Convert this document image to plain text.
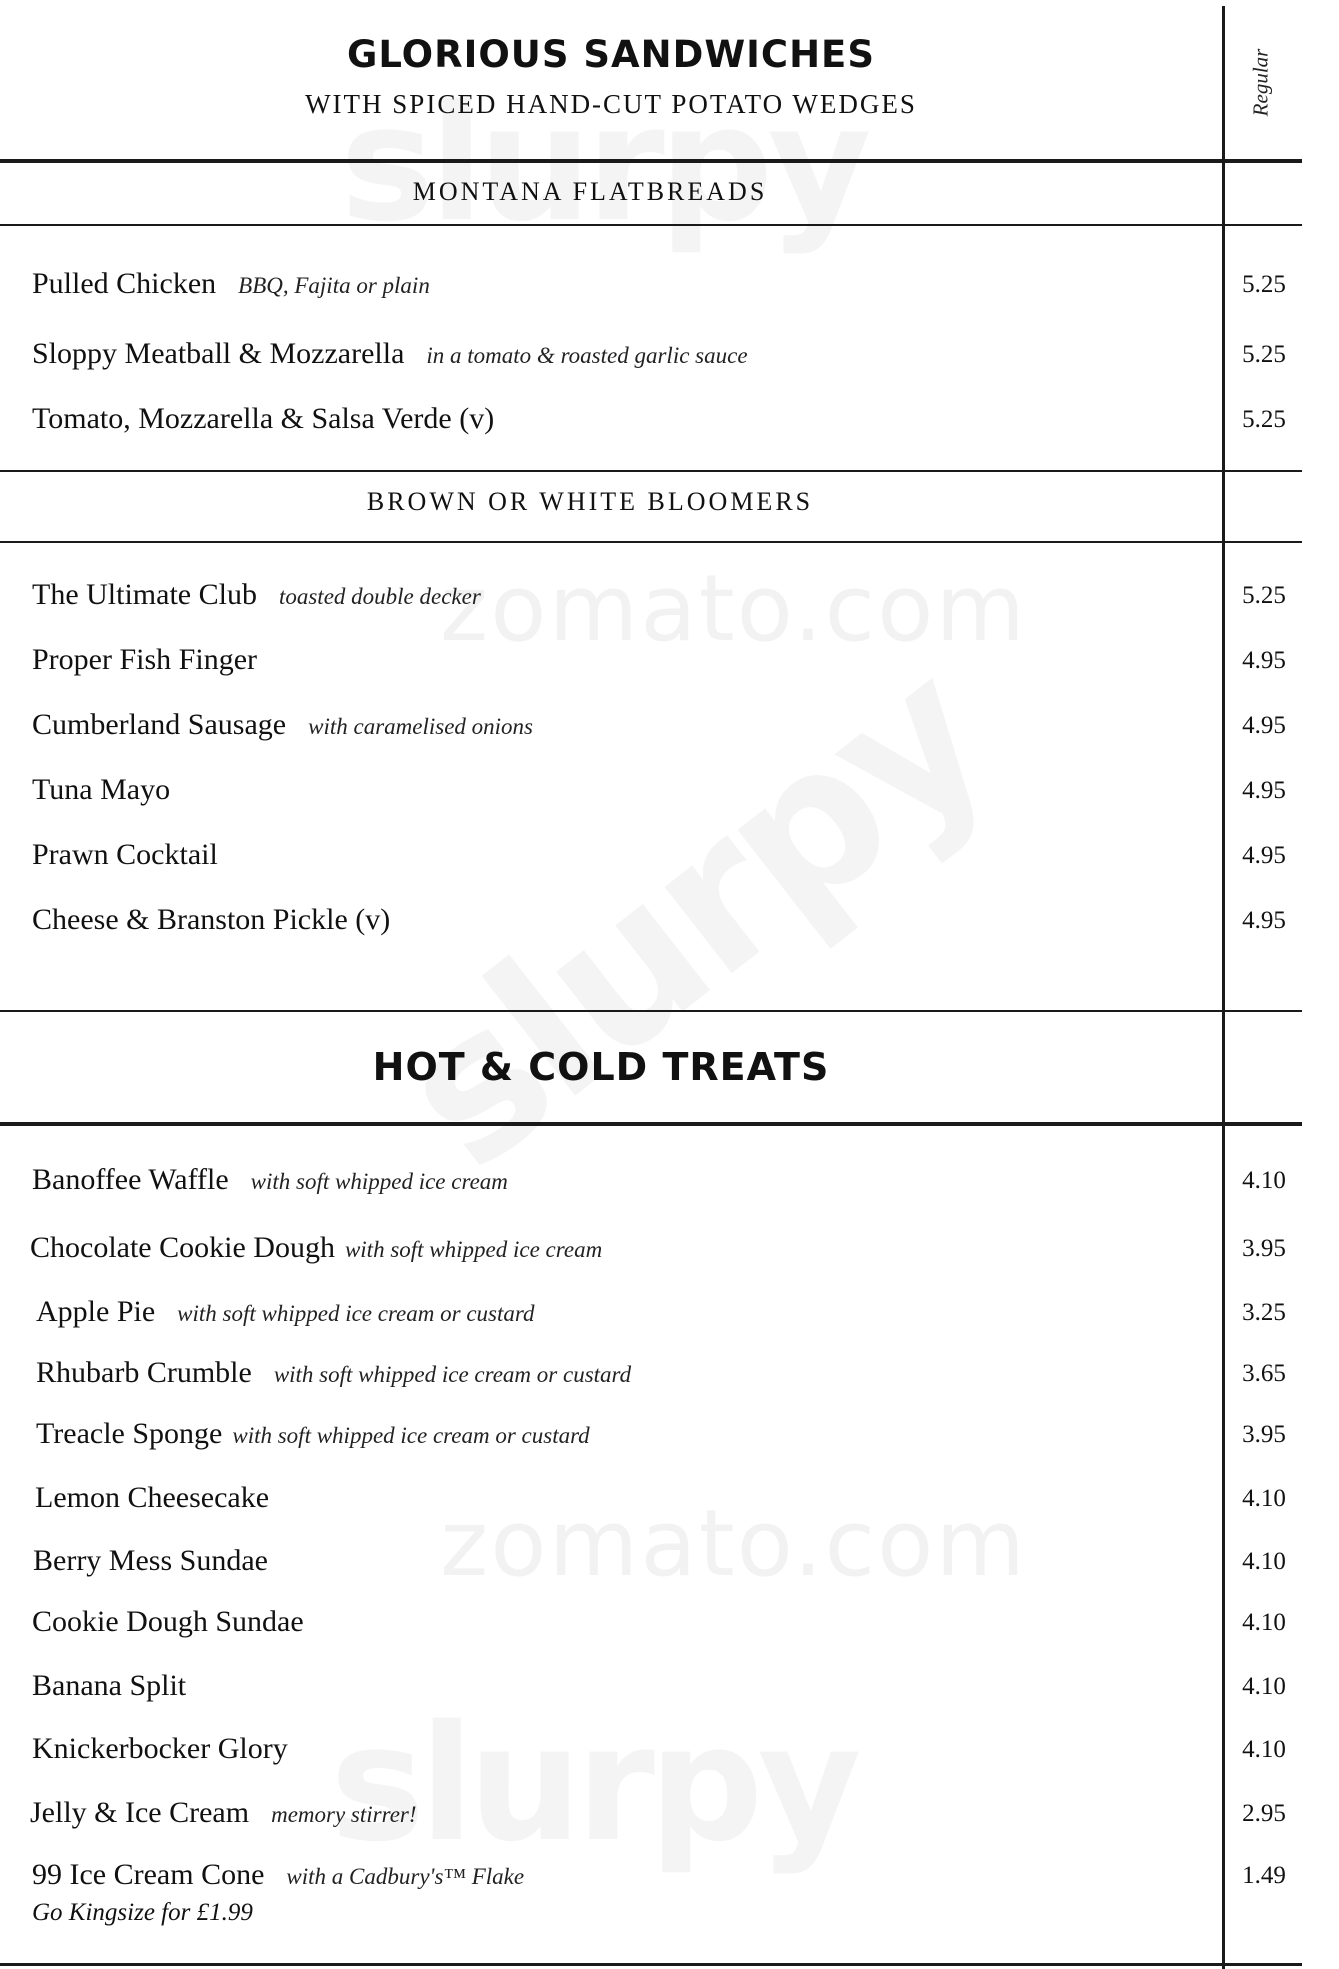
zomato.com
zomato.com
GLORIOUS SANDWICHES
WITH SPICED HAND-CUT POTATO WEDGES	Regular
MONTANA FLATBREADS
Pulled Chicken BBQ, Fajita or plain	5.25
Sloppy Meatball & Mozzarella in a tomato & roasted garlic sauce	5.25
Tomato, Mozzarella & Salsa Verde (v)	5.25
BROWN OR WHITE BLOOMERS
The Ultimate Club toasted double decker	5.25
Proper Fish Finger	4.95
Cumberland Sausage with caramelised onions	4.95
Tuna Mayo	4.95
Prawn Cocktail	4.95
Cheese & Branston Pickle (v)	4.95
HOT & COLD TREATS
Banoffee Waffle with soft whipped ice cream	4.10
Chocolate Cookie Dough with soft whipped ice cream	3.95
Apple Pie with soft whipped ice cream or custard	3.25
Rhubarb Crumble with soft whipped ice cream or custard	3.65
Treacle Sponge with soft whipped ice cream or custard	3.95
Lemon Cheesecake	4.10
Berry Mess Sundae	4.10
Cookie Dough Sundae	4.10
Banana Split	4.10
Knickerbocker Glory	4.10
Jelly & Ice Cream memory stirrer!	2.95
99 Ice Cream Cone with a Cadbury's™ Flake	1.49
Go Kingsize for £1.99
